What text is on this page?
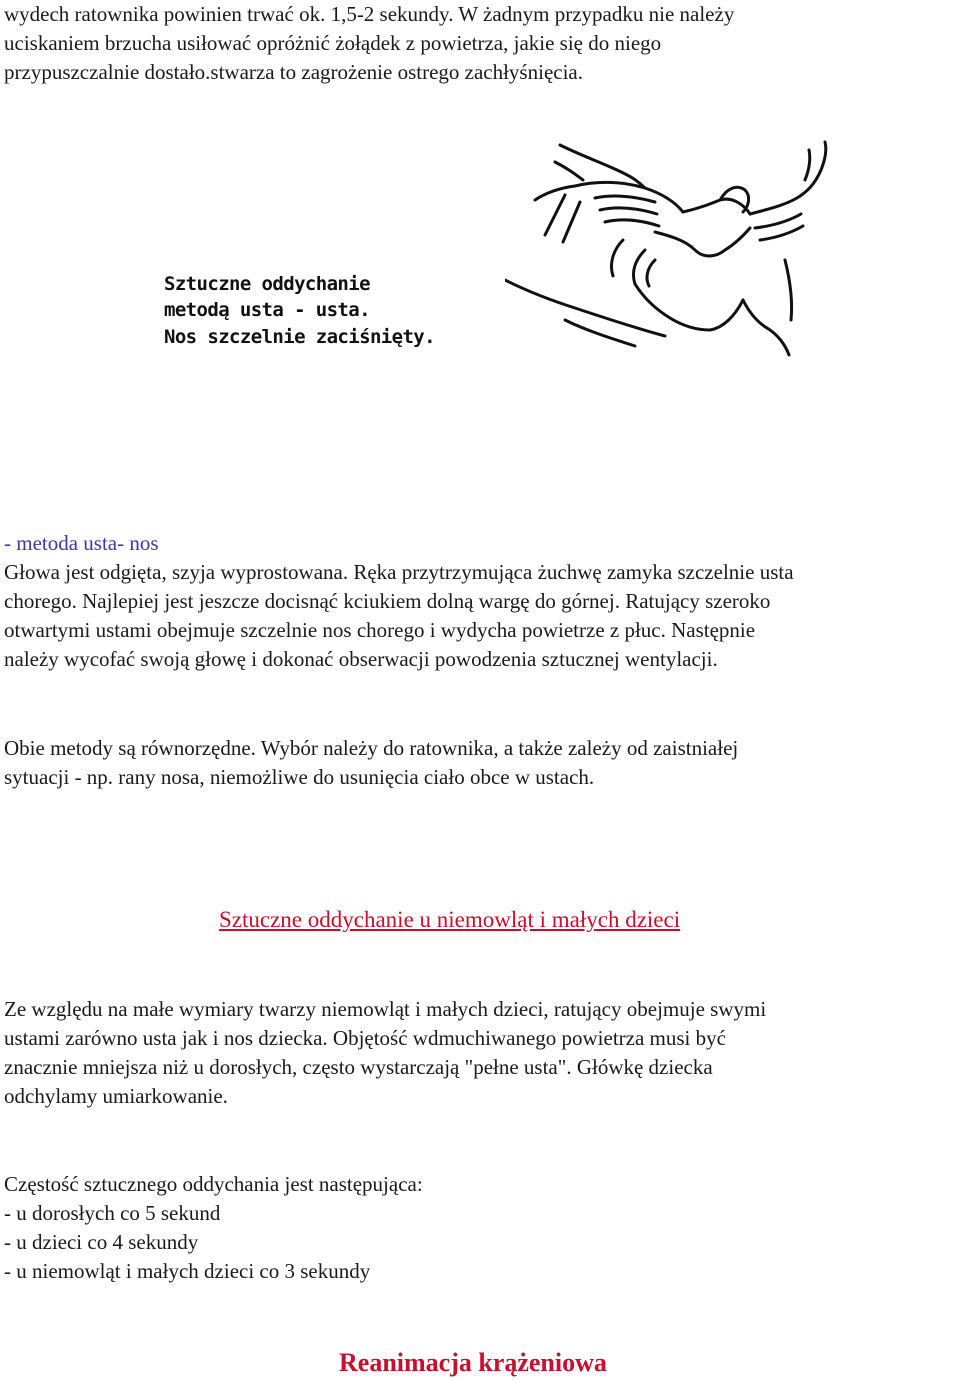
wydech ratownika powinien trwać ok. 1,5-2 sekundy. W żadnym przypadku nie należy
uciskaniem brzucha usiłować opróżnić żołądek z powietrza, jakie się do niego
przypuszczalnie dostało.stwarza to zagrożenie ostrego zachłyśnięcia.

Sztuczne oddychanie
metodą usta - usta.
Nos szczelnie zaciśnięty.

- metoda usta- nos

Głowa jest odgięta, szyja wyprostowana. Ręka przytrzymująca żuchwę zamyka szczelnie usta
chorego. Najlepiej jest jeszcze docisnąć kciukiem dolną wargę do górnej. Ratujący szeroko
otwartymi ustami obejmuje szczelnie nos chorego i wydycha powietrze z płuc. Następnie
należy wycofać swoją głowę i dokonać obserwacji powodzenia sztucznej wentylacji.

Obie metody są równorzędne. Wybór należy do ratownika, a także zależy od zaistniałej
sytuacji - np. rany nosa, niemożliwe do usunięcia ciało obce w ustach.

Sztuczne oddychanie u niemowląt i małych dzieci

Ze względu na małe wymiary twarzy niemowląt i małych dzieci, ratujący obejmuje swymi
ustami zarówno usta jak i nos dziecka. Objętość wdmuchiwanego powietrza musi być
znacznie mniejsza niż u dorosłych, często wystarczają "pełne usta". Główkę dziecka
odchylamy umiarkowanie.

Częstość sztucznego oddychania jest następująca:
- u dorosłych co 5 sekund
- u dzieci co 4 sekundy
- u niemowląt i małych dzieci co 3 sekundy

Reanimacja krążeniowa
